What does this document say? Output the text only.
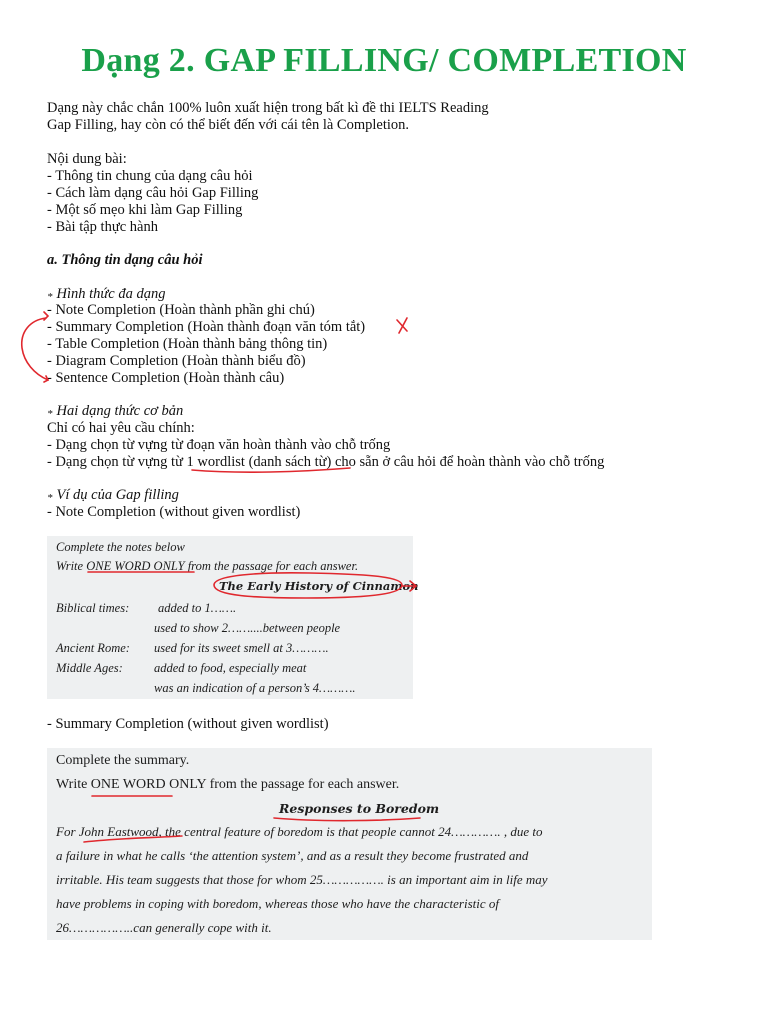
Dạng 2. GAP FILLING/ COMPLETION
Dạng này chắc chắn 100% luôn xuất hiện trong bất kì đề thi IELTS Reading
Gap Filling, hay còn có thể biết đến với cái tên là Completion.
Nội dung bài:
- Thông tin chung của dạng câu hỏi
- Cách làm dạng câu hỏi Gap Filling
- Một số mẹo khi làm Gap Filling
- Bài tập thực hành
a. Thông tin dạng câu hỏi
* Hình thức đa dạng
- Note Completion (Hoàn thành phần ghi chú)
- Summary Completion (Hoàn thành đoạn văn tóm tắt)
- Table Completion (Hoàn thành bảng thông tin)
- Diagram Completion (Hoàn thành biểu đồ)
- Sentence Completion (Hoàn thành câu)
* Hai dạng thức cơ bản
Chỉ có hai yêu cầu chính:
- Dạng chọn từ vựng từ đoạn văn hoàn thành vào chỗ trống
- Dạng chọn từ vựng từ 1 wordlist (danh sách từ) cho sẵn ở câu hỏi để hoàn thành vào chỗ trống
* Ví dụ của Gap filling
- Note Completion (without given wordlist)
Complete the notes below
Write ONE WORD ONLY from the passage for each answer.
The Early History of Cinnamon
Biblical times: added to 1…….
used to show 2……....between people
Ancient Rome: used for its sweet smell at 3……….
Middle Ages: added to food, especially meat
was an indication of a person’s 4……….
- Summary Completion (without given wordlist)
Complete the summary.
Write ONE WORD ONLY from the passage for each answer.
Responses to Boredom
For John Eastwood, the central feature of boredom is that people cannot 24…………. , due to
a failure in what he calls ‘the attention system’, and as a result they become frustrated and
irritable. His team suggests that those for whom 25……………. is an important aim in life may
have problems in coping with boredom, whereas those who have the characteristic of
26……………..can generally cope with it.
